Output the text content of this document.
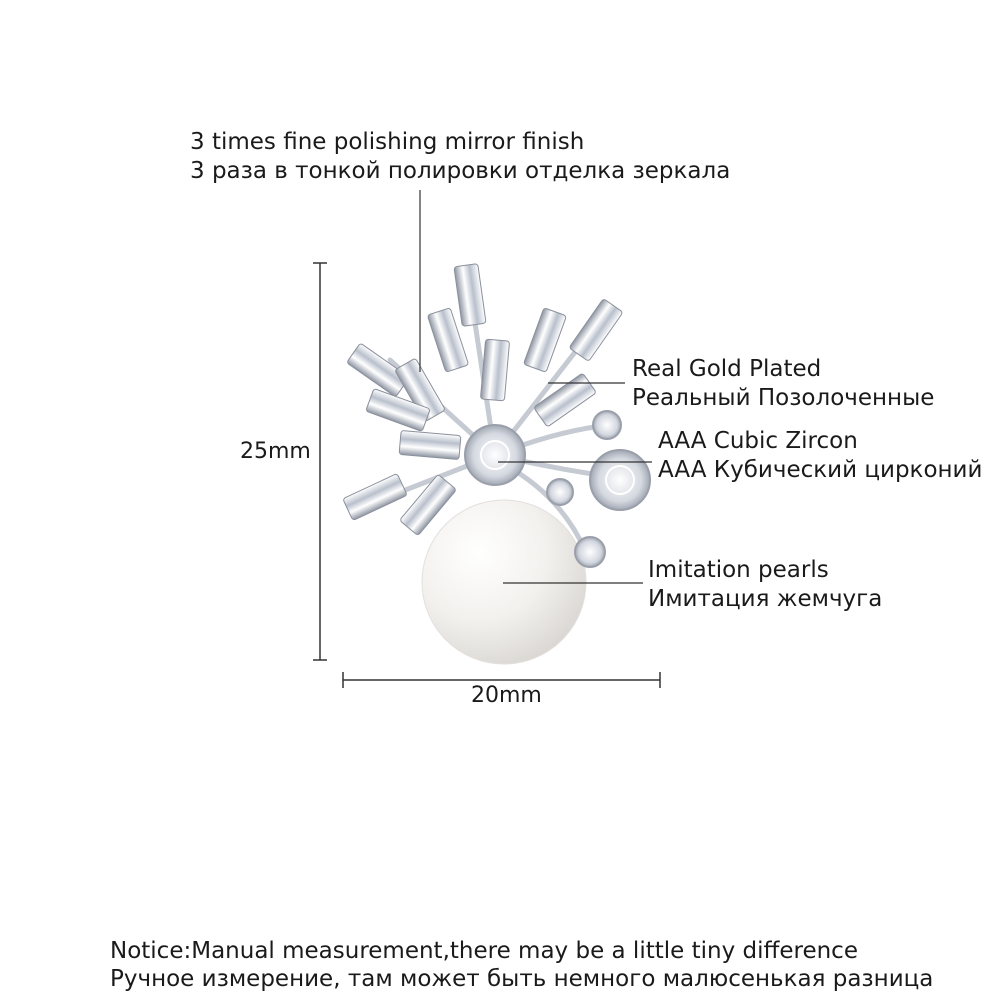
3 times fine polishing mirror finish
3 раза в тонкой полировки отделка зеркала
Real Gold Plated
Реальный Позолоченные
AAA Cubic Zircon
AAA Кубический цирконий
Imitation pearls
Имитация жемчуга
25mm
20mm
Notice:Manual measurement,there may be a little tiny difference
Ручное измерение, там может быть немного малюсенькая разница
